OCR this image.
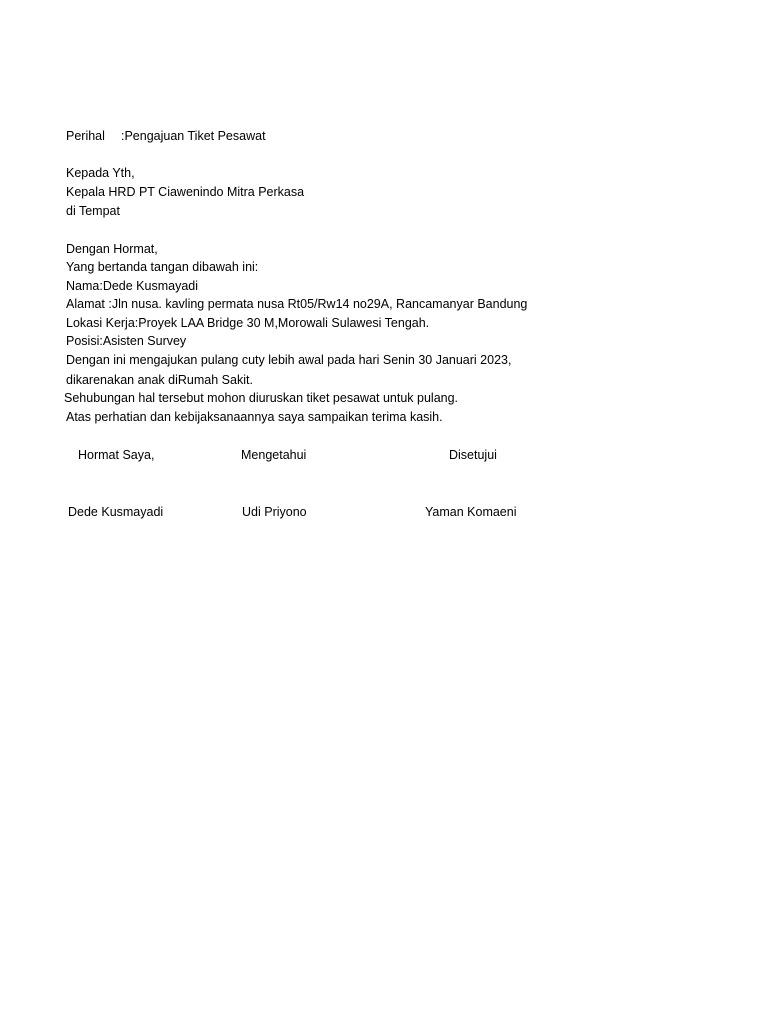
Perihal :Pengajuan Tiket Pesawat
Kepada Yth,
Kepala HRD PT Ciawenindo Mitra Perkasa
di Tempat
Dengan Hormat,
Yang bertanda tangan dibawah ini:
Nama:Dede Kusmayadi
Alamat :Jln nusa. kavling permata nusa Rt05/Rw14 no29A, Rancamanyar Bandung
Lokasi Kerja:Proyek LAA Bridge 30 M,Morowali Sulawesi Tengah.
Posisi:Asisten Survey
Dengan ini mengajukan pulang cuty lebih awal pada hari Senin 30 Januari 2023,
dikarenakan anak diRumah Sakit.
Sehubungan hal tersebut mohon diuruskan tiket pesawat untuk pulang.
Atas perhatian dan kebijaksanaannya saya sampaikan terima kasih.
Hormat Saya,	Mengetahui	Disetujui
Dede Kusmayadi	Udi Priyono	Yaman Komaeni
